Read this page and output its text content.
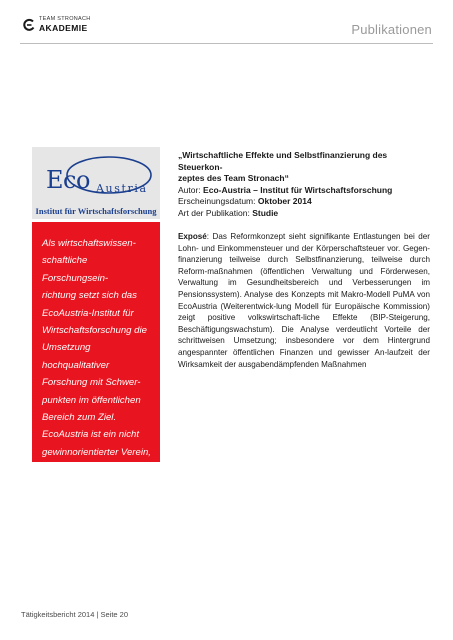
TEAM STRONACH
AKADEMIE	Publikationen
Eco Austria
Institut für Wirtschaftsforschung

Als wirtschaftswissen-
schaftliche Forschungsein-
richtung setzt sich das
EcoAustria-Institut für
Wirtschaftsforschung die
Umsetzung hochqualitativer
Forschung mit Schwer-
punkten im öffentlichen
Bereich zum Ziel.
EcoAustria ist ein nicht
gewinnorientierter Verein, der
neben Grundlagenforschung
insbesondere aktuelle
Themenstellungen von
öffentlichem Interesse be-
handelt.

„Wirtschaftliche Effekte und Selbstfinanzierung des Steuerkon-
zeptes des Team Stronach“

Autor: Eco-Austria – Institut für Wirtschaftsforschung

Erscheinungsdatum: Oktober 2014

Art der Publikation: Studie

Exposé: Das Reformkonzept sieht signifikante Entlastungen bei der Lohn- und Einkommensteuer und der Körperschaftsteuer vor. Gegen-finanzierung teilweise durch Selbstfinanzierung, teilweise durch Reform-maßnahmen (öffentlichen Verwaltung und Förderwesen, Verwaltung im Gesundheitsbereich und Verbesserungen im Pensionssystem). Analyse des Konzepts mit Makro-Modell PuMA von EcoAustria (Weiterentwick-lung Modell für Europäische Kommission) zeigt positive volkswirtschaft-liche Effekte (BIP-Steigerung, Beschäftigungswachstum). Die Analyse verdeutlicht Vorteile der schrittweisen Umsetzung; insbesondere vor dem Hintergrund angespannter öffentlichen Finanzen und gewisser An-laufzeit der Wirksamkeit der ausgabendämpfenden Maßnahmen

Tätigkeitsbericht 2014 | Seite 20
